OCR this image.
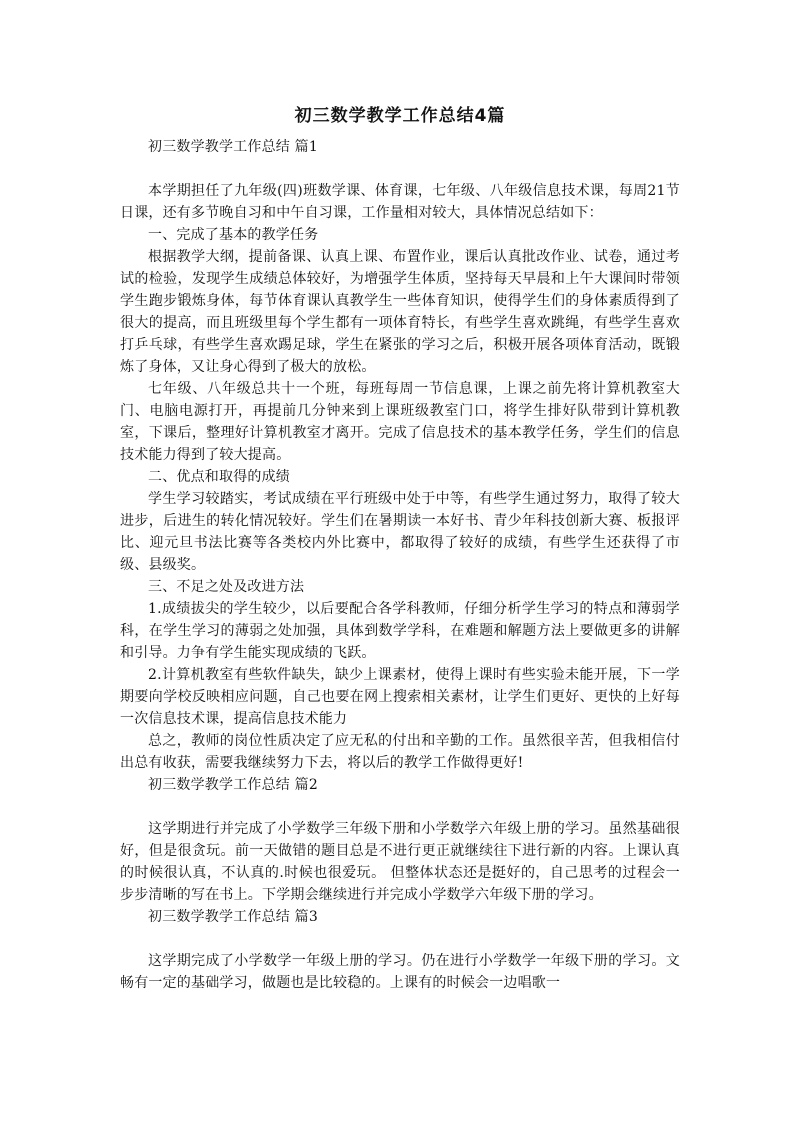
初三数学教学工作总结4篇

初三数学教学工作总结 篇1

本学期担任了九年级(四)班数学课、体育课，七年级、八年级信息技术课，每周21节日课，还有多节晚自习和中午自习课，工作量相对较大，具体情况总结如下：

一、完成了基本的教学任务

根据教学大纲，提前备课、认真上课、布置作业，课后认真批改作业、试卷，通过考试的检验，发现学生成绩总体较好，为增强学生体质，坚持每天早晨和上午大课间时带领学生跑步锻炼身体，每节体育课认真教学生一些体育知识，使得学生们的身体素质得到了很大的提高，而且班级里每个学生都有一项体育特长，有些学生喜欢跳绳，有些学生喜欢打乒乓球，有些学生喜欢踢足球，学生在紧张的学习之后，积极开展各项体育活动，既锻炼了身体，又让身心得到了极大的放松。

七年级、八年级总共十一个班，每班每周一节信息课，上课之前先将计算机教室大门、电脑电源打开，再提前几分钟来到上课班级教室门口，将学生排好队带到计算机教室，下课后，整理好计算机教室才离开。完成了信息技术的基本教学任务，学生们的信息技术能力得到了较大提高。

二、优点和取得的成绩

学生学习较踏实，考试成绩在平行班级中处于中等，有些学生通过努力，取得了较大进步，后进生的转化情况较好。学生们在暑期读一本好书、青少年科技创新大赛、板报评比、迎元旦书法比赛等各类校内外比赛中，都取得了较好的成绩，有些学生还获得了市级、县级奖。

三、不足之处及改进方法

1.成绩拔尖的学生较少，以后要配合各学科教师，仔细分析学生学习的特点和薄弱学科，在学生学习的薄弱之处加强，具体到数学学科，在难题和解题方法上要做更多的讲解和引导。力争有学生能实现成绩的飞跃。

2.计算机教室有些软件缺失，缺少上课素材，使得上课时有些实验未能开展，下一学期要向学校反映相应问题，自己也要在网上搜索相关素材，让学生们更好、更快的上好每一次信息技术课，提高信息技术能力

总之，教师的岗位性质决定了应无私的付出和辛勤的工作。虽然很辛苦，但我相信付出总有收获，需要我继续努力下去，将以后的教学工作做得更好!

初三数学教学工作总结 篇2

这学期进行并完成了小学数学三年级下册和小学数学六年级上册的学习。虽然基础很好，但是很贪玩。前一天做错的题目总是不进行更正就继续往下进行新的内容。上课认真的时候很认真，不认真的.时候也很爱玩。 但整体状态还是挺好的，自己思考的过程会一步步清晰的写在书上。下学期会继续进行并完成小学数学六年级下册的学习。

初三数学教学工作总结 篇3

这学期完成了小学数学一年级上册的学习。仍在进行小学数学一年级下册的学习。文畅有一定的基础学习，做题也是比较稳的。上课有的时候会一边唱歌一
